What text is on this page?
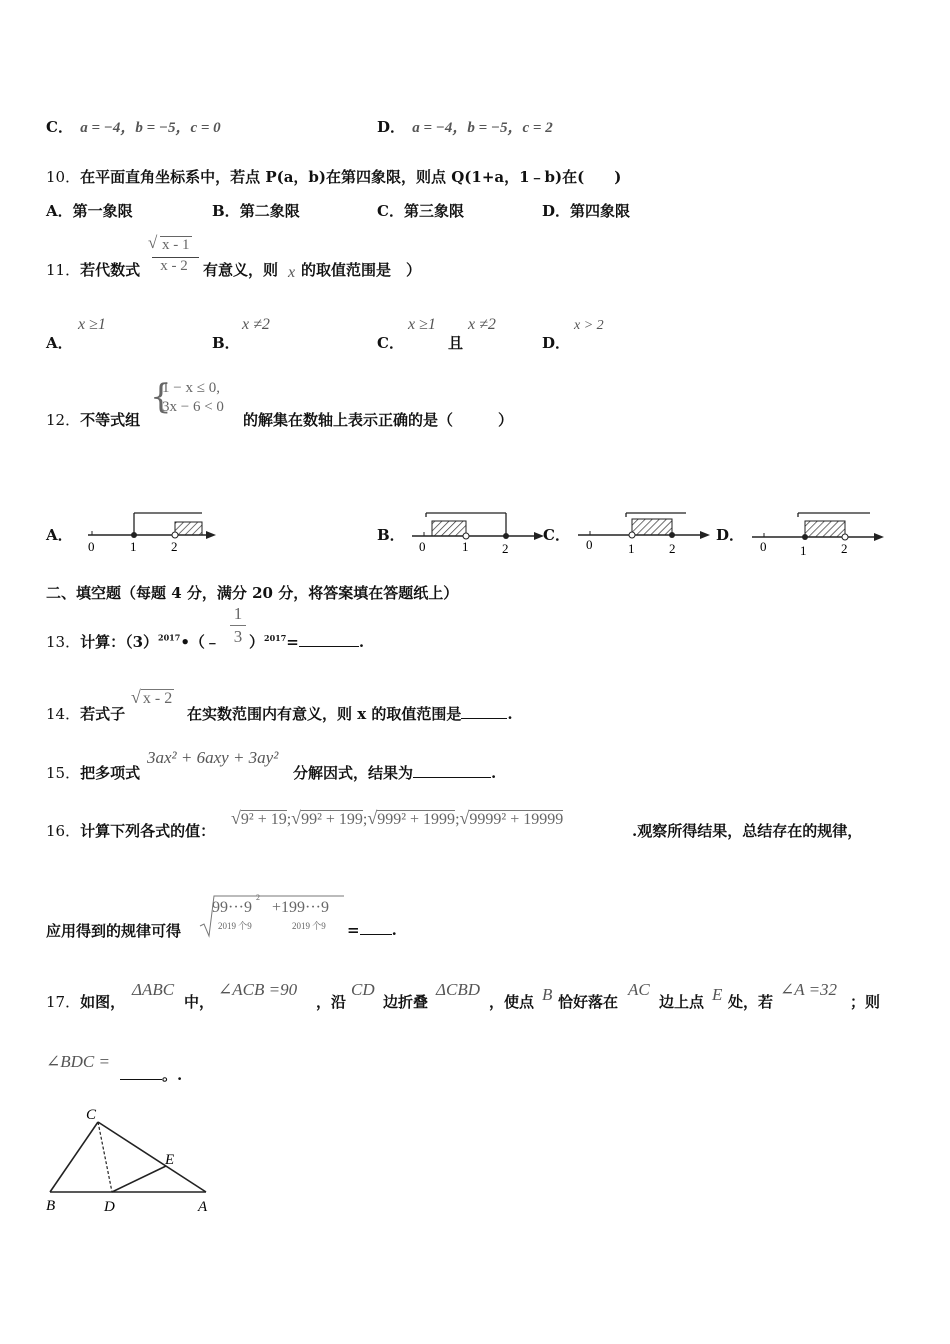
C． a = −4，b = −5，c = 0	D． a = −4，b = −5，c = 2
10．在平面直角坐标系中，若点 P(a，b)在第四象限，则点 Q(1+a，1﹣b)在(　　)
A．第一象限	B．第二象限	C．第三象限	D．第四象限
11．若代数式
√ x - 1
x - 2	有意义，则 x 的取值范围是　）
A．
x ≥1
B．
x ≠2
C．
x ≥1
且
x ≠2
D．
x > 2
12．不等式组
{
1 − x ≤ 0,
3x − 6 < 0
的解集在数轴上表示正确的是（　　　）
A．
0	1	2
B．
0	1	2
C．
0	1	2
D．
0	1	2
二、填空题（每题 4 分，满分 20 分，将答案填在答题纸上）
13．计算：$(3)^{2017}•(﹣$
1
3 ）$^{2017}$=	.
14．若式子
√ x - 2
在实数范围内有意义，则 x 的取值范围是	.
15．把多项式
3ax² + 6axy + 3ay²
分解因式，结果为	.
16．计算下列各式的值：
√9² + 19;√99² + 199;√999² + 1999;√9999² + 19999
.观察所得结果，总结存在的规律，
应用得到的规律可得
99···9
2019 个9
2
+199···9
2019 个9 = .
17．如图，
ΔABC
中，
∠ACB =90
，沿
CD
边折叠
ΔCBD
，使点 B 恰好落在
AC
边上点 E 处，若
∠A =32
；则
∠BDC =
。.
C
E
B	D	A
